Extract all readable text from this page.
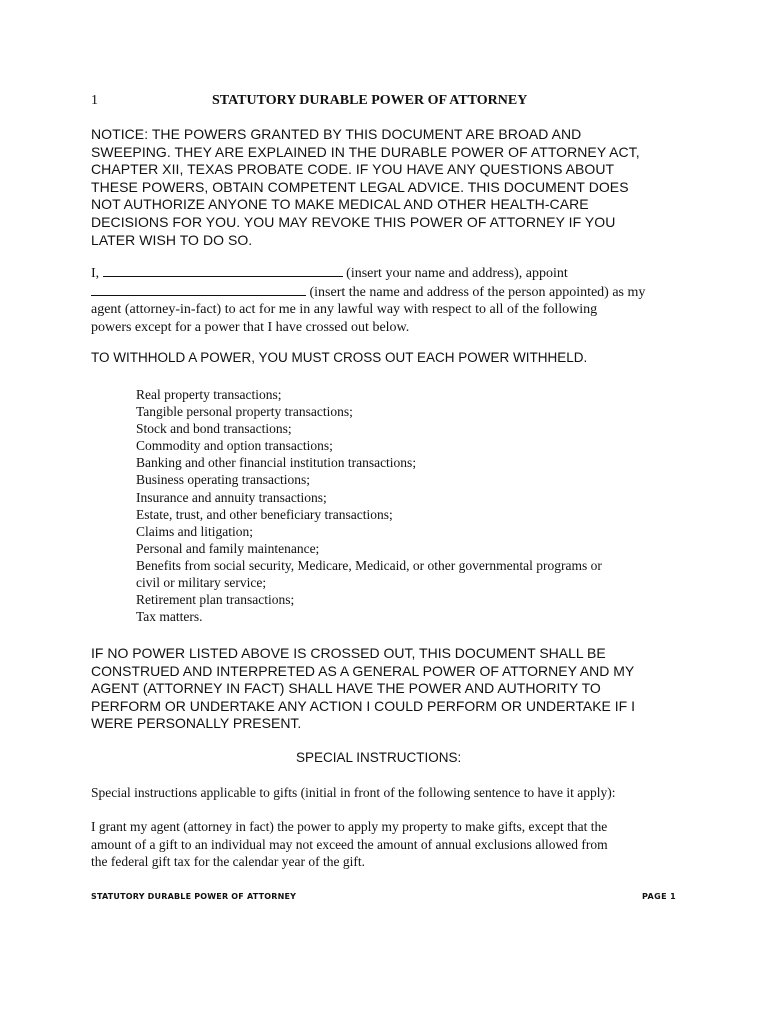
1	STATUTORY DURABLE POWER OF ATTORNEY
NOTICE: THE POWERS GRANTED BY THIS DOCUMENT ARE BROAD AND
SWEEPING. THEY ARE EXPLAINED IN THE DURABLE POWER OF ATTORNEY ACT,
CHAPTER XII, TEXAS PROBATE CODE. IF YOU HAVE ANY QUESTIONS ABOUT
THESE POWERS, OBTAIN COMPETENT LEGAL ADVICE. THIS DOCUMENT DOES
NOT AUTHORIZE ANYONE TO MAKE MEDICAL AND OTHER HEALTH-CARE
DECISIONS FOR YOU. YOU MAY REVOKE THIS POWER OF ATTORNEY IF YOU
LATER WISH TO DO SO.
I,	(insert your name and address), appoint
(insert the name and address of the person appointed) as my
agent (attorney-in-fact) to act for me in any lawful way with respect to all of the following
powers except for a power that I have crossed out below.
TO WITHHOLD A POWER, YOU MUST CROSS OUT EACH POWER WITHHELD.
Real property transactions;
Tangible personal property transactions;
Stock and bond transactions;
Commodity and option transactions;
Banking and other financial institution transactions;
Business operating transactions;
Insurance and annuity transactions;
Estate, trust, and other beneficiary transactions;
Claims and litigation;
Personal and family maintenance;
Benefits from social security, Medicare, Medicaid, or other governmental programs or
civil or military service;
Retirement plan transactions;
Tax matters.
IF NO POWER LISTED ABOVE IS CROSSED OUT, THIS DOCUMENT SHALL BE
CONSTRUED AND INTERPRETED AS A GENERAL POWER OF ATTORNEY AND MY
AGENT (ATTORNEY IN FACT) SHALL HAVE THE POWER AND AUTHORITY TO
PERFORM OR UNDERTAKE ANY ACTION I COULD PERFORM OR UNDERTAKE IF I
WERE PERSONALLY PRESENT.
SPECIAL INSTRUCTIONS:
Special instructions applicable to gifts (initial in front of the following sentence to have it apply):
I grant my agent (attorney in fact) the power to apply my property to make gifts, except that the
amount of a gift to an individual may not exceed the amount of annual exclusions allowed from
the federal gift tax for the calendar year of the gift.
STATUTORY DURABLE POWER OF ATTORNEY	PAGE 1
